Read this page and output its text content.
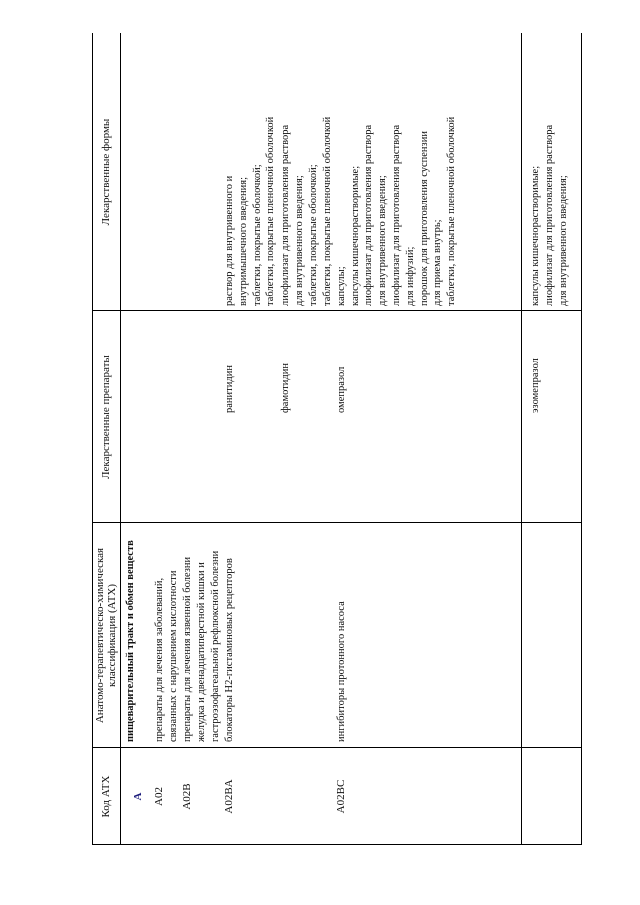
Код АТХ
Анатомо-терапевтическо-химическая классификация (АТХ)
Лекарственные препараты
Лекарственные формы
A
пищеварительный тракт и обмен веществ
A02
препараты для лечения заболеваний, связанных с нарушением кислотности
A02B
препараты для лечения язвенной болезни желудка и двенадцатиперстной кишки и гастроэзофагеальной рефлюксной болезни
A02BA
блокаторы H2-гистаминовых рецепторов
ранитидин
раствор для внутривенного и внутримышечного введения; таблетки, покрытые оболочкой; таблетки, покрытые пленочной оболочкой
фамотидин
лиофилизат для приготовления раствора для внутривенного введения; таблетки, покрытые оболочкой;
A02BC
ингибиторы протонного насоса
омепразол
таблетки, покрытые пленочной оболочкой капсулы; капсулы кишечнорастворимые; лиофилизат для приготовления раствора для внутривенного введения; лиофилизат для приготовления раствора для инфузий; порошок для приготовления суспензии для приема внутрь; таблетки, покрытые пленочной оболочкой
эзомепразол
капсулы кишечнорастворимые; лиофилизат для приготовления раствора для внутривенного введения;
